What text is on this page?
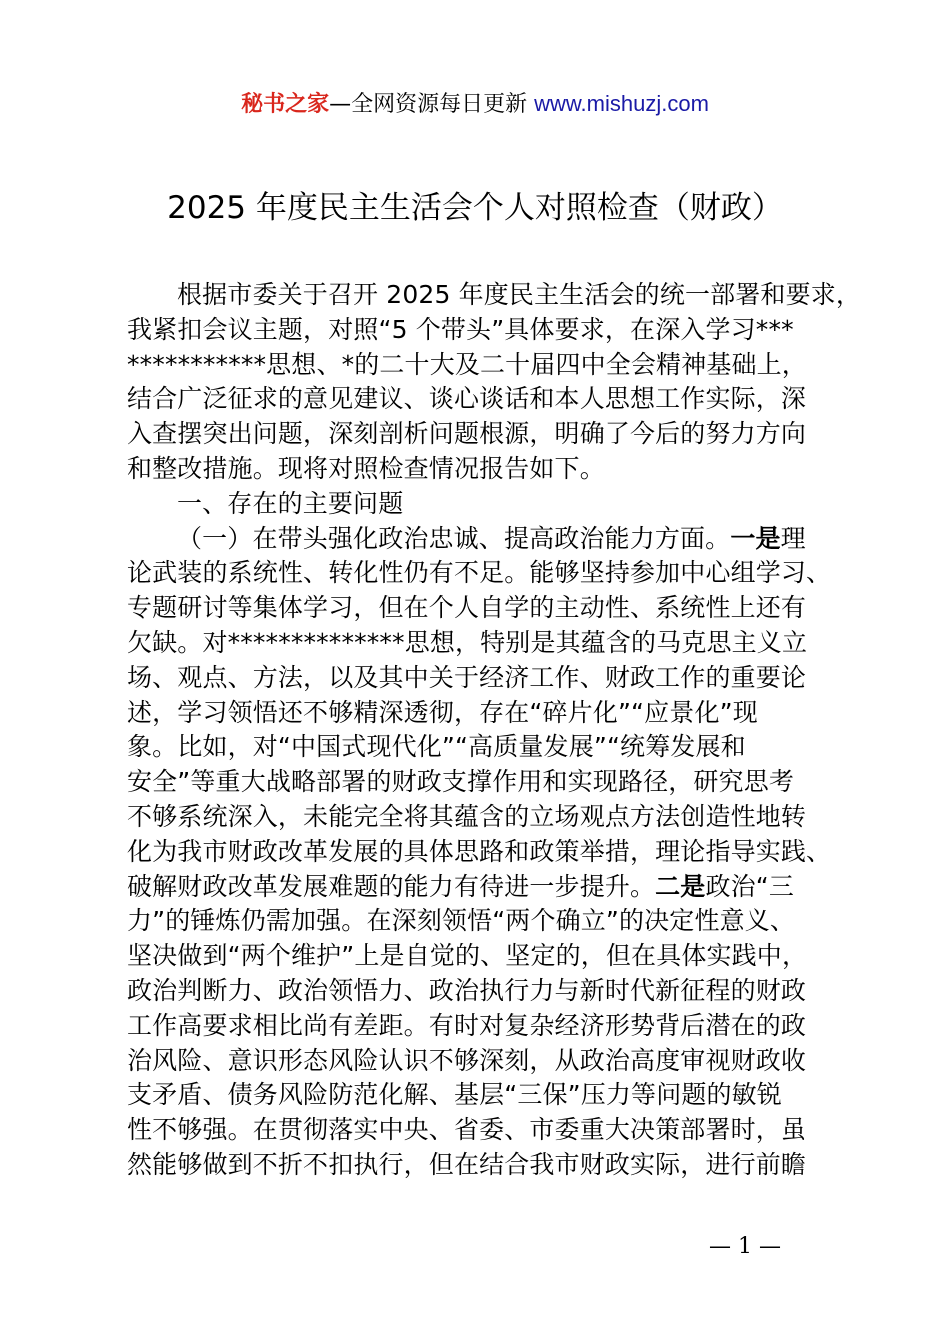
秘书之家—全网资源每日更新 www.mishuzj.com
2025 年度民主生活会个人对照检查（财政）
根据市委关于召开 2025 年度民主生活会的统一部署和要求，
我紧扣会议主题，对照“5 个带头”具体要求，在深入学习***
***********思想、*的二十大及二十届四中全会精神基础上，
结合广泛征求的意见建议、谈心谈话和本人思想工作实际，深
入查摆突出问题，深刻剖析问题根源，明确了今后的努力方向
和整改措施。现将对照检查情况报告如下。
一、存在的主要问题
（一）在带头强化政治忠诚、提高政治能力方面。一是理
论武装的系统性、转化性仍有不足。能够坚持参加中心组学习、
专题研讨等集体学习，但在个人自学的主动性、系统性上还有
欠缺。对**************思想，特别是其蕴含的马克思主义立
场、观点、方法，以及其中关于经济工作、财政工作的重要论
述，学习领悟还不够精深透彻，存在“碎片化”“应景化”现
象。比如，对“中国式现代化”“高质量发展”“统筹发展和
安全”等重大战略部署的财政支撑作用和实现路径，研究思考
不够系统深入，未能完全将其蕴含的立场观点方法创造性地转
化为我市财政改革发展的具体思路和政策举措，理论指导实践、
破解财政改革发展难题的能力有待进一步提升。二是政治“三
力”的锤炼仍需加强。在深刻领悟“两个确立”的决定性意义、
坚决做到“两个维护”上是自觉的、坚定的，但在具体实践中，
政治判断力、政治领悟力、政治执行力与新时代新征程的财政
工作高要求相比尚有差距。有时对复杂经济形势背后潜在的政
治风险、意识形态风险认识不够深刻，从政治高度审视财政收
支矛盾、债务风险防范化解、基层“三保”压力等问题的敏锐
性不够强。在贯彻落实中央、省委、市委重大决策部署时，虽
然能够做到不折不扣执行，但在结合我市财政实际，进行前瞻
— 1 —
